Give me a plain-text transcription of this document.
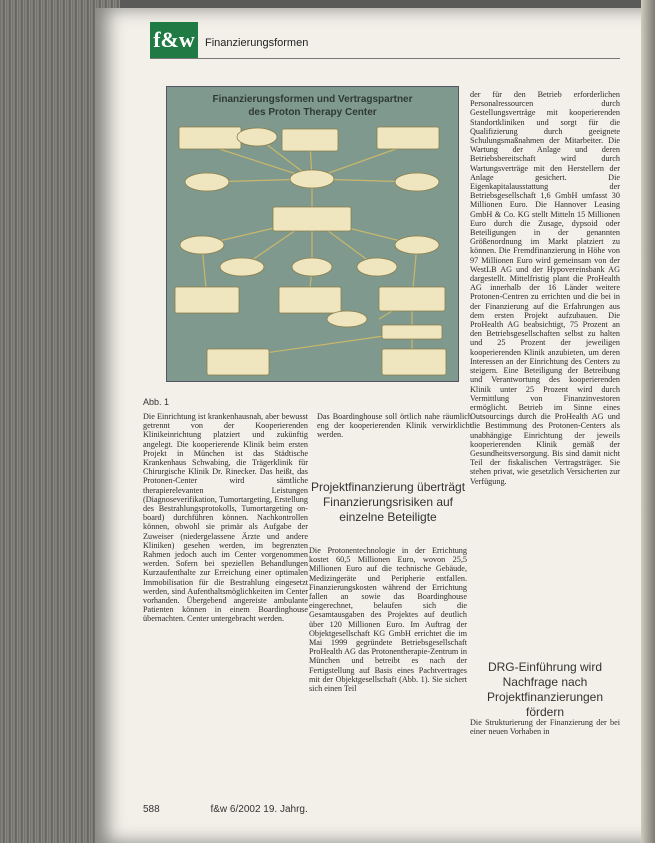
f&w Finanzierungsformen
Finanzierungsformen und Vertragspartner
des Proton Therapy Center
Abb. 1

Die Einrichtung ist krankenhausnah, aber bewusst getrennt von der Kooperierenden Klinikeinrichtung platziert und zukünftig angelegt. Die kooperierende Klinik beim ersten Projekt in München ist das Städtische Krankenhaus Schwabing, die Trägerklinik für Chirurgische Klinik Dr. Rinecker. Das heißt, das Protonen-Center wird sämtliche therapierelevanten Leistungen (Diagnoseverifikation, Tumortargeting, Erstellung des Bestrahlungsprotokolls, Tumortargeting on-board) durchführen können. Nachkontrollen können, obwohl sie primär als Aufgabe der Zuweiser (niedergelassene Ärzte und andere Kliniken) gesehen werden, im begrenzten Rahmen jedoch auch im Center vorgenommen werden. Sofern bei speziellen Behandlungen Kurzaufenthalte zur Erreichung einer optimalen Immobilisation für die Bestrahlung eingesetzt werden, sind Aufenthaltsmöglichkeiten im Center vorhanden. Übergebend angereiste ambulante Patienten können in einem Boardinghouse übernachten. Center untergebracht werden.

Das Boardinghouse soll örtlich nahe räumlich eng der kooperierenden Klinik verwirklicht werden.

Projektfinanzierung überträgt Finanzierungsrisiken auf einzelne Beteiligte

Die Protonentechnologie in der Errichtung kostet 60,5 Millionen Euro, wovon 25,5 Millionen Euro auf die technische Gebäude, Medizingeräte und Peripherie entfallen. Finanzierungskosten während der Errichtung fallen an sowie das Boardinghouse eingerechnet, belaufen sich die Gesamtausgaben des Projektes auf deutlich über 120 Millionen Euro. Im Auftrag der Objektgesellschaft KG GmbH errichtet die im Mai 1999 gegründete Betriebsgesellschaft ProHealth AG das Protonentherapie-Zentrum in München und betreibt es nach der Fertigstellung auf Basis eines Pachtvertrages mit der Objektgesellschaft (Abb. 1). Sie sichert sich einen Teil

der für den Betrieb erforderlichen Personalressourcen durch Gestellungsverträge mit kooperierenden Standortkliniken und sorgt für die Qualifizierung durch geeignete Schulungsmaßnahmen der Mitarbeiter. Die Wartung der Anlage und deren Betriebsbereitschaft wird durch Wartungsverträge mit den Herstellern der Anlage gesichert. Die Eigenkapitalausstattung der Betriebsgesellschaft 1,6 GmbH umfasst 30 Millionen Euro. Die Hannover Leasing GmbH & Co. KG stellt Mitteln 15 Millionen Euro durch die Zusage, dypsoid oder Beteiligungen in der genannten Größenordnung im Markt platziert zu können. Die Fremdfinanzierung in Höhe von 97 Millionen Euro wird gemeinsam von der WestLB AG und der Hypovereinsbank AG dargestellt. Mittelfristig plant die ProHealth AG innerhalb der 16 Länder weitere Protonen-Centren zu errichten und die bei in der Finanzierung auf die Erfahrungen aus dem ersten Projekt aufzubauen. Die ProHealth AG beabsichtigt, 75 Prozent an den Betriebsgesellschaften selbst zu halten und 25 Prozent der jeweiligen kooperierenden Klinik anzubieten, um deren Interessen an der Einrichtung des Centers zu steigern. Eine Beteiligung der Betreibung und Verantwortung des kooperierenden Klinik unter 25 Prozent wird durch Vermittlung von Finanzinvestoren ermöglicht. Betrieb im Sinne eines Outsourcings durch die ProHealth AG und die Bestimmung des Protonen-Centers als unabhängige Einrichtung der jeweils kooperierenden Klinik gemäß der Gesundheitsversorgung. Bis sind damit nicht Teil der fiskalischen Vertragsträger. Sie stehen privat, wie gesetzlich Versicherten zur Verfügung.

DRG-Einführung wird Nachfrage nach Projektfinanzierungen fördern

Die Strukturierung der Finanzierung der bei einer neuen Vorhaben in

588	f&w 6/2002 19. Jahrg.
